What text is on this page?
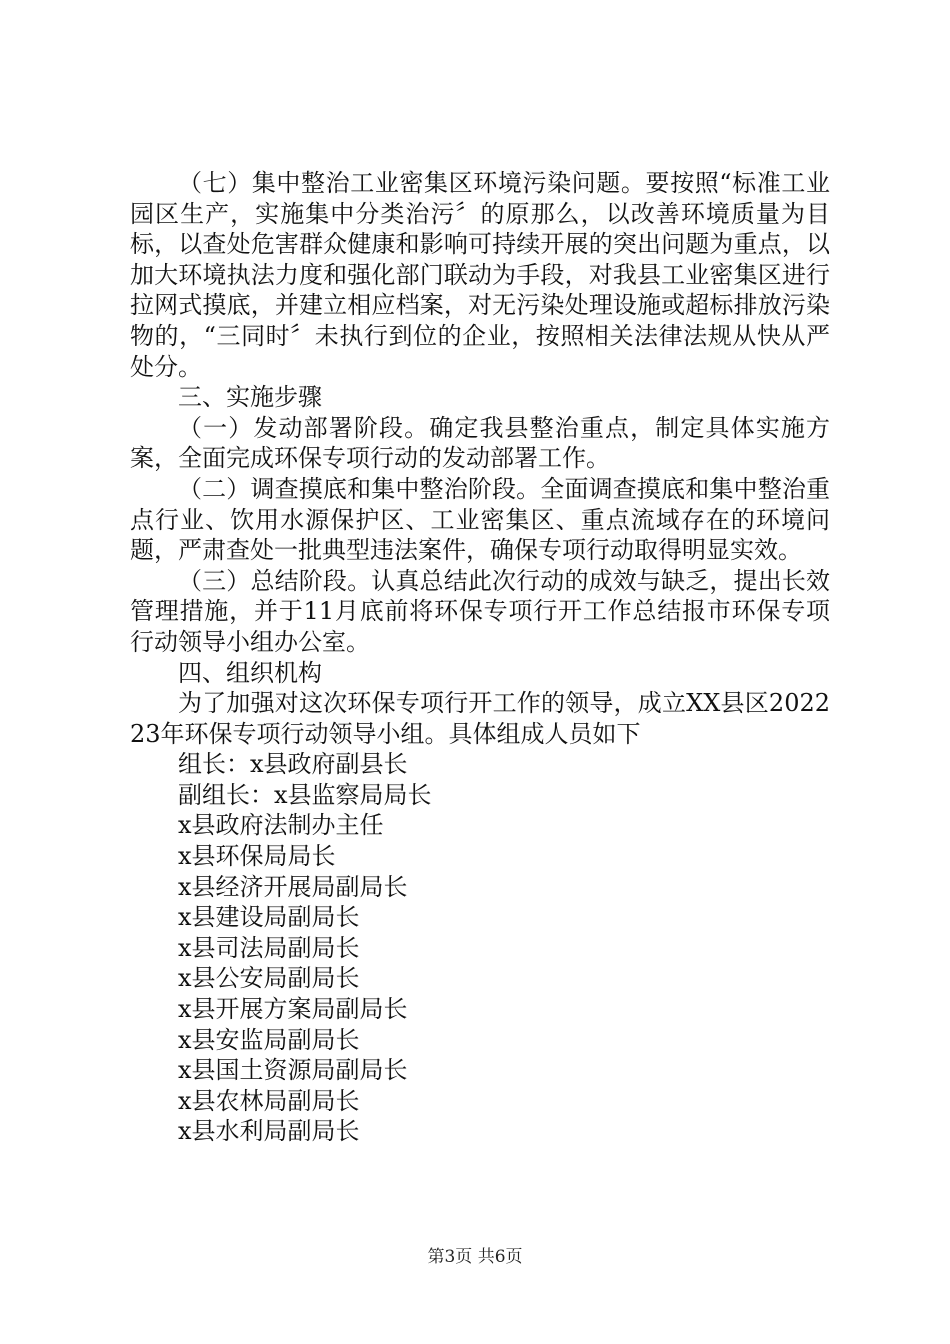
（七）集中整治工业密集区环境污染问题。要按照“标准工业园区生产，实施集中分类治污〞的原那么，以改善环境质量为目标，以查处危害群众健康和影响可持续开展的突出问题为重点，以加大环境执法力度和强化部门联动为手段，对我县工业密集区进行拉网式摸底，并建立相应档案，对无污染处理设施或超标排放污染物的，“三同时〞未执行到位的企业，按照相关法律法规从快从严处分。

三、实施步骤

（一）发动部署阶段。确定我县整治重点，制定具体实施方案，全面完成环保专项行动的发动部署工作。

（二）调查摸底和集中整治阶段。全面调查摸底和集中整治重点行业、饮用水源保护区、工业密集区、重点流域存在的环境问题，严肃查处一批典型违法案件，确保专项行动取得明显实效。

（三）总结阶段。认真总结此次行动的成效与缺乏，提出长效管理措施，并于11月底前将环保专项行开工作总结报市环保专项行动领导小组办公室。

四、组织机构

为了加强对这次环保专项行开工作的领导，成立XX县区202223年环保专项行动领导小组。具体组成人员如下

组长：x县政府副县长

副组长：x县监察局局长

x县政府法制办主任

x县环保局局长

x县经济开展局副局长

x县建设局副局长

x县司法局副局长

x县公安局副局长

x县开展方案局副局长

x县安监局副局长

x县国土资源局副局长

x县农林局副局长

x县水利局副局长

第3页 共6页
